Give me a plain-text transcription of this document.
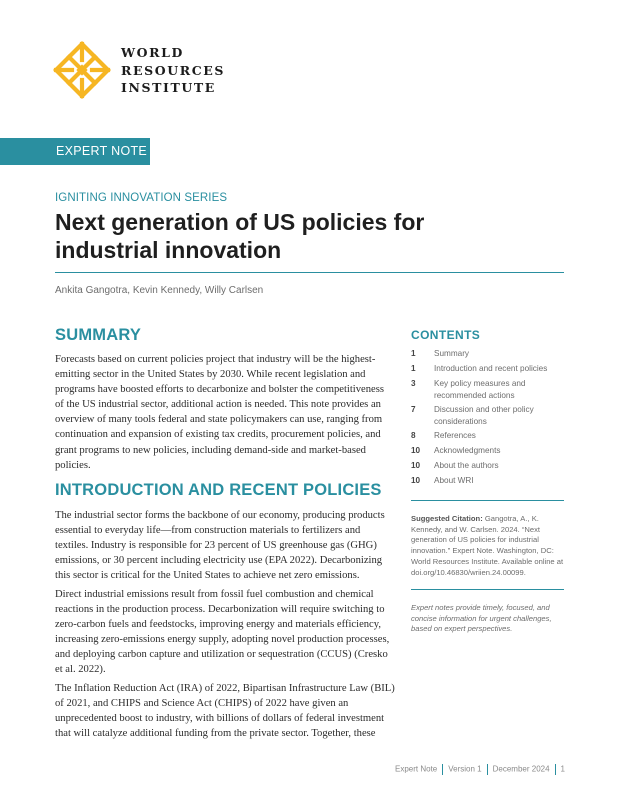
WORLD
RESOURCES
INSTITUTE
EXPERT NOTE
IGNITING INNOVATION SERIES
Next generation of US policies for industrial innovation
Ankita Gangotra, Kevin Kennedy, Willy Carlsen
SUMMARY

Forecasts based on current policies project that industry will be the highest-emitting sector in the United States by 2030. While recent legislation and programs have boosted efforts to decarbonize and bolster the competitiveness of the US industrial sector, additional action is needed. This note provides an overview of many tools federal and state policymakers can use, ranging from continuation and expansion of existing tax credits, procurement policies, and grant programs to new policies, including demand-side and market-based policies.

INTRODUCTION AND RECENT POLICIES

The industrial sector forms the backbone of our economy, producing products essential to everyday life—from construction materials to fertilizers and textiles. Industry is responsible for 23 percent of US greenhouse gas (GHG) emissions, or 30 percent including electricity use (EPA 2022). Decarbonizing this sector is critical for the United States to achieve net zero emissions.

Direct industrial emissions result from fossil fuel combustion and chemical reactions in the production process. Decarbonization will require switching to zero-carbon fuels and feedstocks, improving energy and materials efficiency, increasing zero-emissions energy supply, adopting novel production processes, and deploying carbon capture and utilization or sequestration (CCUS) (Cresko et al. 2022).

The Inflation Reduction Act (IRA) of 2022, Bipartisan Infrastructure Law (BIL) of 2021, and CHIPS and Science Act (CHIPS) of 2022 have given an unprecedented boost to industry, with billions of dollars of federal investment that will catalyze additional funding from the private sector. Together, these

CONTENTS
1 Summary
1 Introduction and recent policies
3 Key policy measures and recommended actions
7 Discussion and other policy considerations
8 References
10 Acknowledgments
10 About the authors
10 About WRI

Suggested Citation: Gangotra, A., K. Kennedy, and W. Carlsen. 2024. “Next generation of US policies for industrial innovation.” Expert Note. Washington, DC: World Resources Institute. Available online at doi.org/10.46830/wriien.24.00099.

Expert notes provide timely, focused, and concise information for urgent challenges, based on expert perspectives.

Expert Note Version 1 December 2024 1
